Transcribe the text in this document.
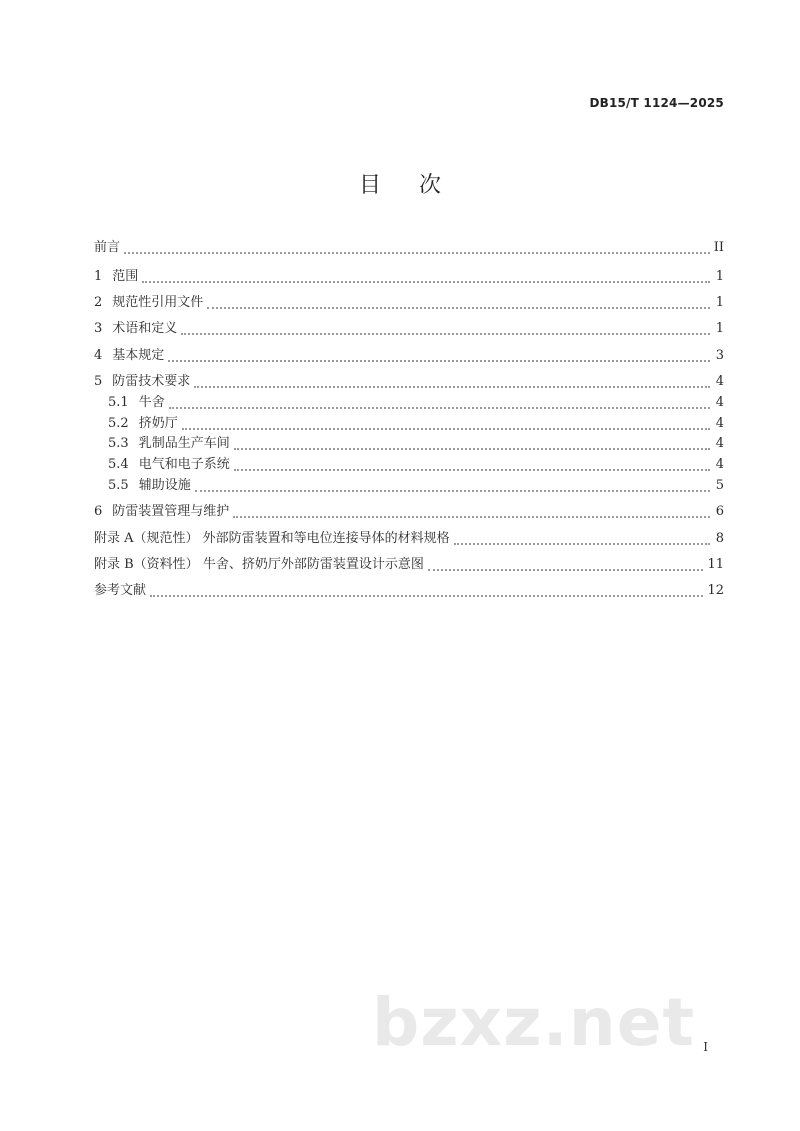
DB15/T 1124—2025
目次
前言	II
1 范围	1
2 规范性引用文件	1
3 术语和定义	1
4 基本规定	3
5 防雷技术要求	4
5.1 牛舍	4
5.2 挤奶厅	4
5.3 乳制品生产车间	4
5.4 电气和电子系统	4
5.5 辅助设施	5
6 防雷装置管理与维护	6
附录 A（规范性） 外部防雷装置和等电位连接导体的材料规格	8
附录 B（资料性） 牛舍、挤奶厅外部防雷装置设计示意图	11
参考文献	12
I
bzxz.net
